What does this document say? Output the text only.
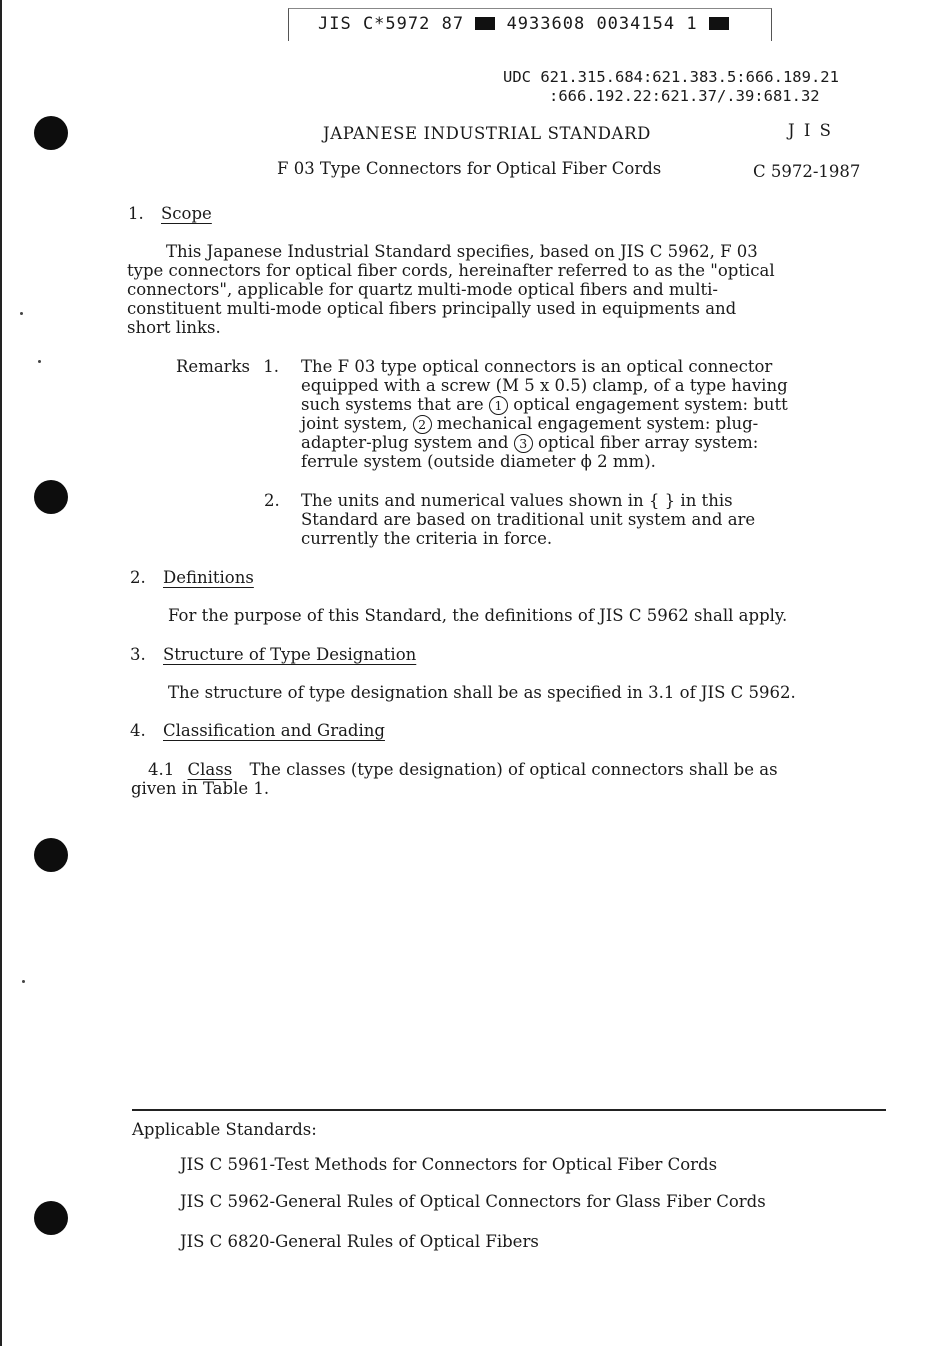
JIS C*5972 87	4933608 0034154 1
UDC 621.315.684:621.383.5:666.189.21
:666.192.22:621.37/.39:681.32
JAPANESE INDUSTRIAL STANDARD	J I S
F 03 Type Connectors for Optical Fiber Cords	C 5972-1987
1. Scope
This Japanese Industrial Standard specifies, based on JIS C 5962, F 03
type connectors for optical fiber cords, hereinafter referred to as the "optical
connectors", applicable for quartz multi-mode optical fibers and multi-
constituent multi-mode optical fibers principally used in equipments and
short links.
Remarks 1. The F 03 type optical connectors is an optical connector
equipped with a screw (M 5 x 0.5) clamp, of a type having
such systems that are 1 optical engagement system: butt
joint system, 2 mechanical engagement system: plug-
adapter-plug system and 3 optical fiber array system:
ferrule system (outside diameter ϕ 2 mm).
2. The units and numerical values shown in { } in this
Standard are based on traditional unit system and are
currently the criteria in force.
2. Definitions
For the purpose of this Standard, the definitions of JIS C 5962 shall apply.
3. Structure of Type Designation
The structure of type designation shall be as specified in 3.1 of JIS C 5962.
4. Classification and Grading
4.1 Class The classes (type designation) of optical connectors shall be as
given in Table 1.
Applicable Standards:
JIS C 5961-Test Methods for Connectors for Optical Fiber Cords
JIS C 5962-General Rules of Optical Connectors for Glass Fiber Cords
JIS C 6820-General Rules of Optical Fibers
